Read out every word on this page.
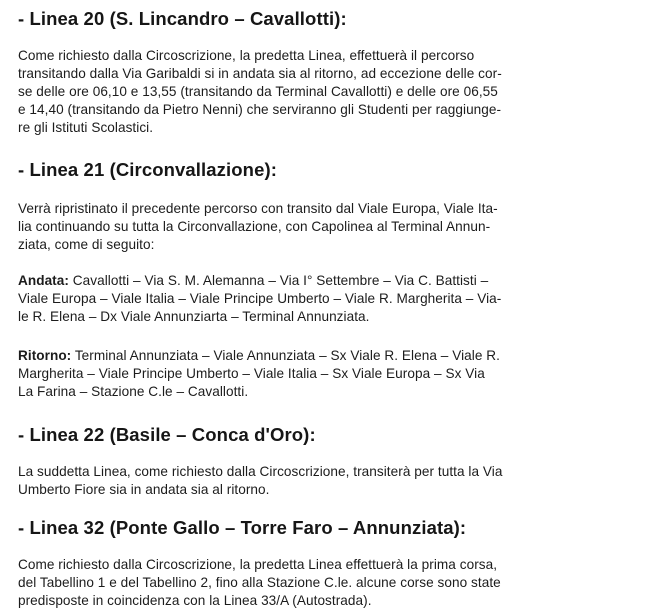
- Linea 20 (S. Lincandro – Cavallotti):

Come richiesto dalla Circoscrizione, la predetta Linea, effettuerà il percorso

transitando dalla Via Garibaldi si in andata sia al ritorno, ad eccezione delle cor-

se delle ore 06,10 e 13,55 (transitando da Terminal Cavallotti) e delle ore 06,55

e 14,40 (transitando da Pietro Nenni) che serviranno gli Studenti per raggiunge-

re gli Istituti Scolastici.

- Linea 21 (Circonvallazione):

Verrà ripristinato il precedente percorso con transito dal Viale Europa, Viale Ita-

lia continuando su tutta la Circonvallazione, con Capolinea al Terminal Annun-

ziata, come di seguito:

Andata: Cavallotti – Via S. M. Alemanna – Via I° Settembre – Via C. Battisti –

Viale Europa – Viale Italia – Viale Principe Umberto – Viale R. Margherita – Via-

le R. Elena – Dx Viale Annunziarta – Terminal Annunziata.

Ritorno: Terminal Annunziata – Viale Annunziata – Sx Viale R. Elena – Viale R.

Margherita – Viale Principe Umberto – Viale Italia – Sx Viale Europa – Sx Via

La Farina – Stazione C.le – Cavallotti.

- Linea 22 (Basile – Conca d'Oro):

La suddetta Linea, come richiesto dalla Circoscrizione, transiterà per tutta la Via

Umberto Fiore sia in andata sia al ritorno.

- Linea 32 (Ponte Gallo – Torre Faro – Annunziata):

Come richiesto dalla Circoscrizione, la predetta Linea effettuerà la prima corsa,

del Tabellino 1 e del Tabellino 2, fino alla Stazione C.le. alcune corse sono state

predisposte in coincidenza con la Linea 33/A (Autostrada).
